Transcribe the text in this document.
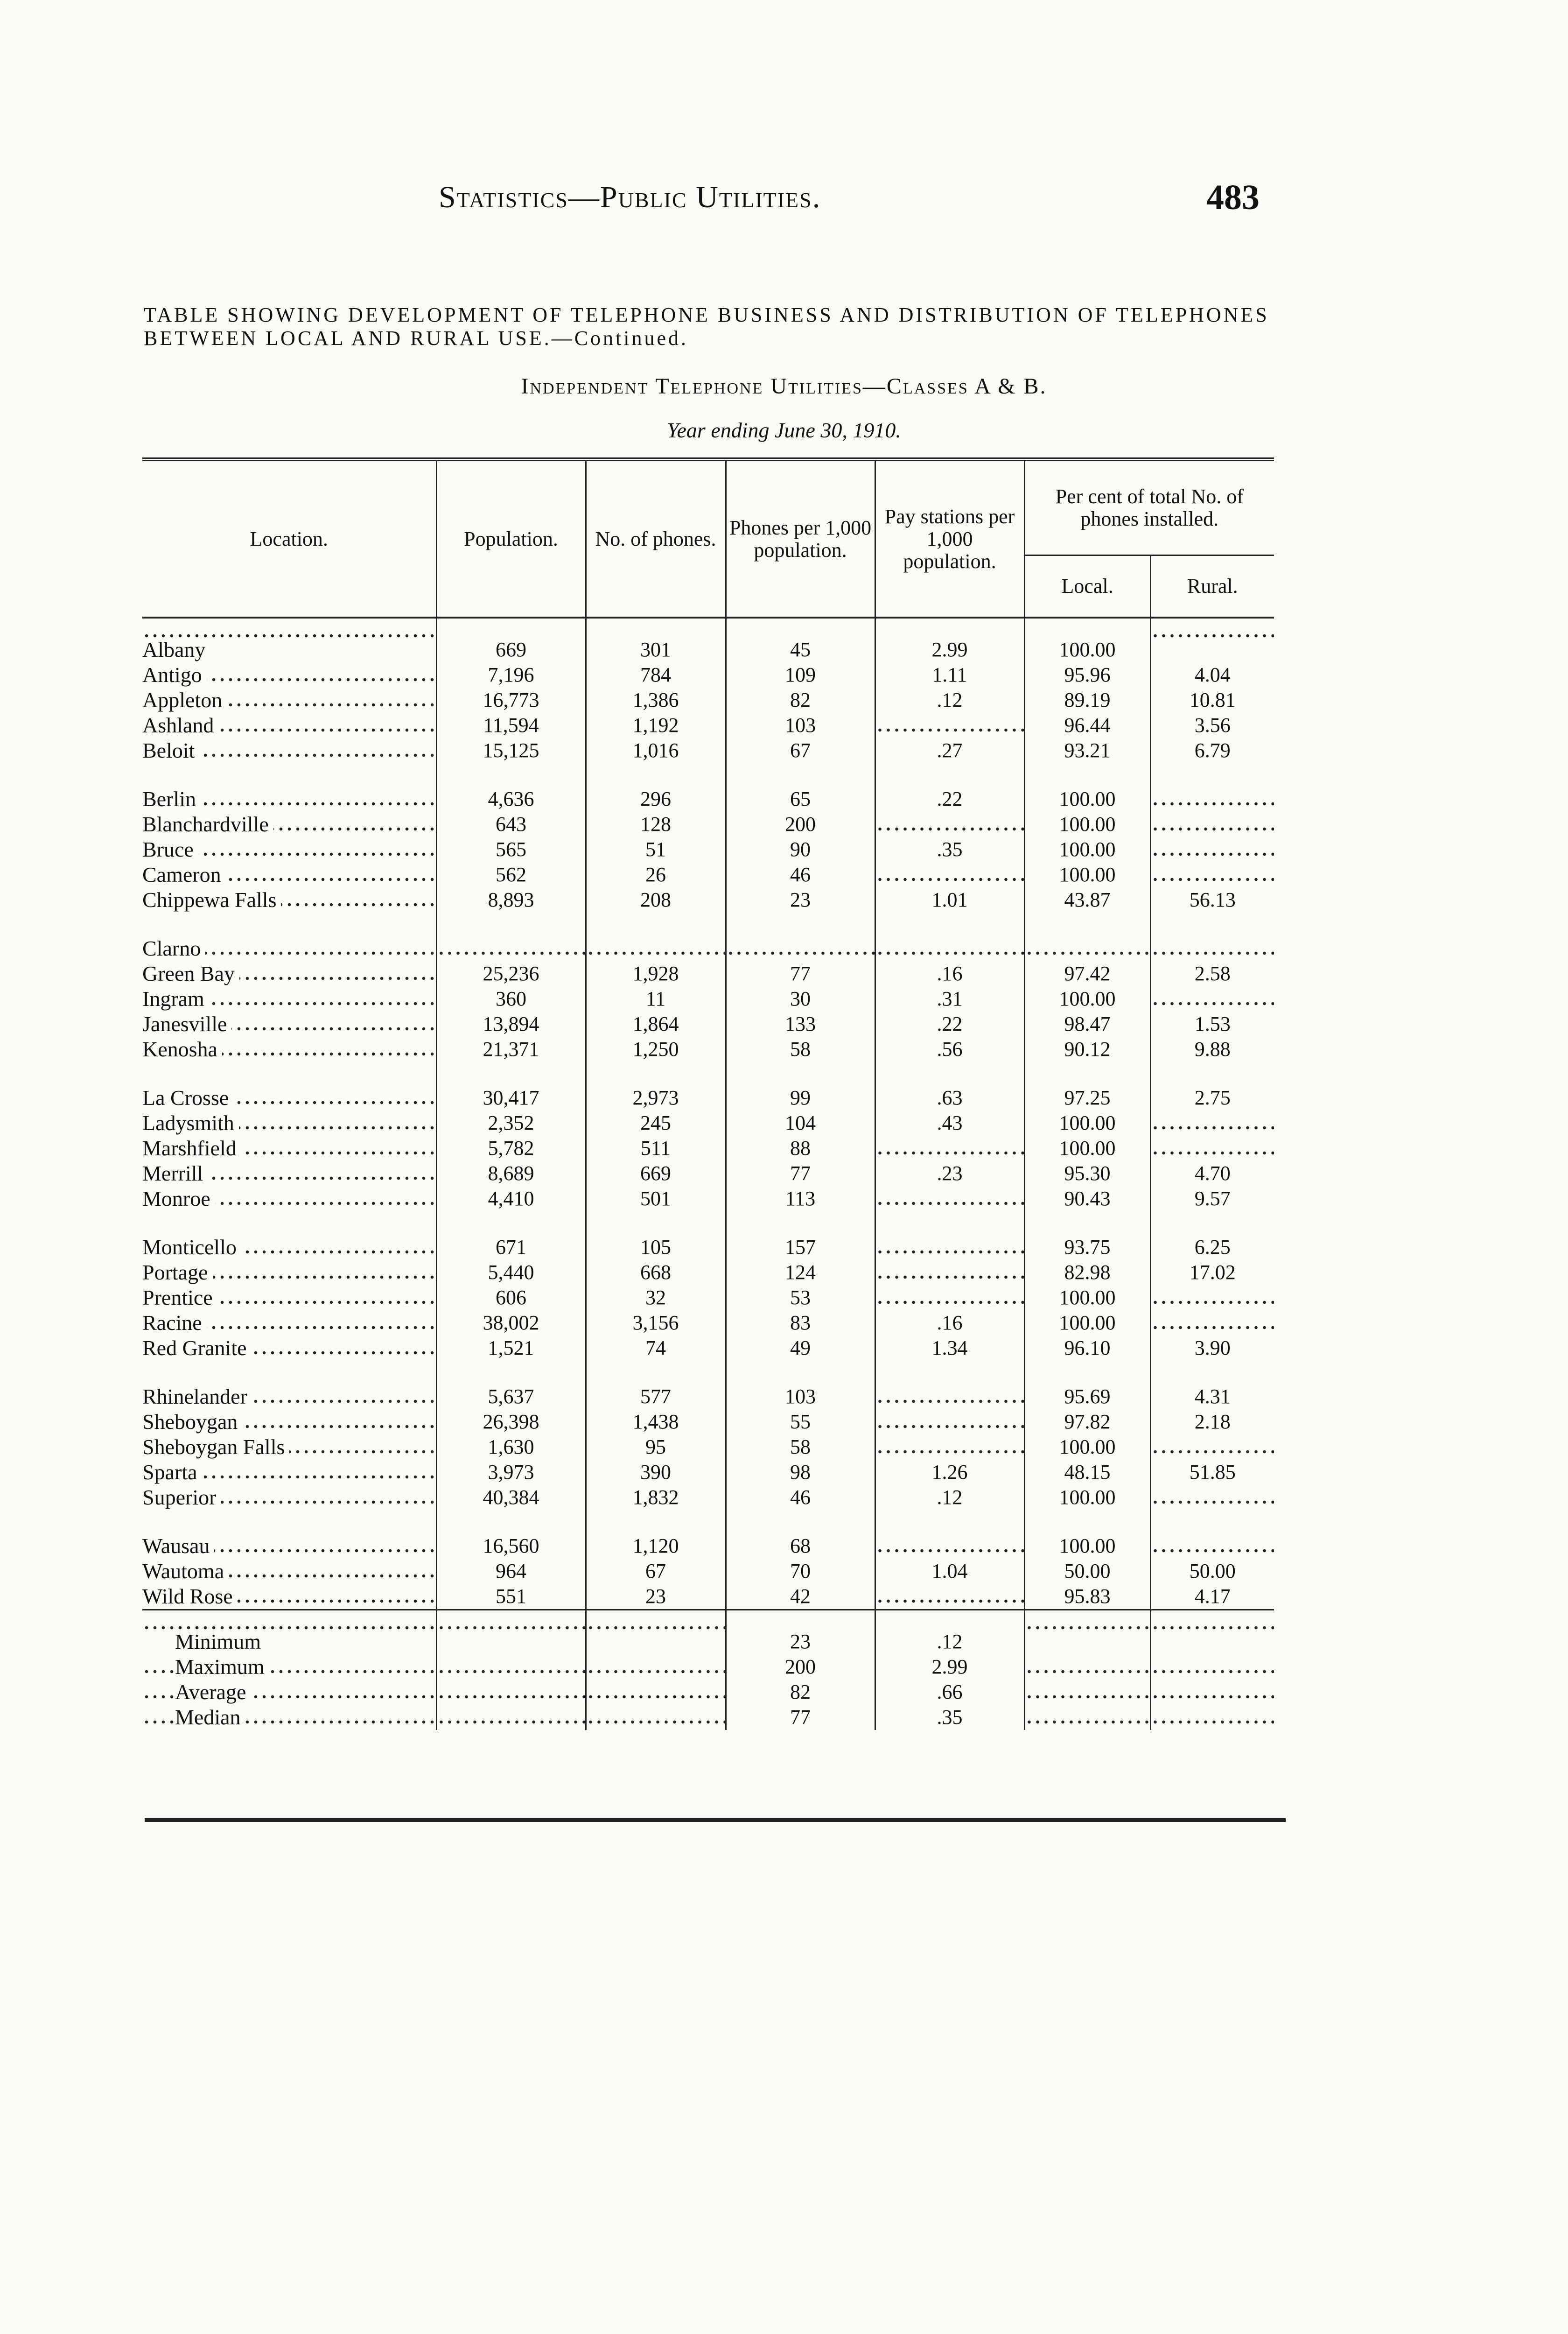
Statistics—Public Utilities.	483
TABLE SHOWING DEVELOPMENT OF TELEPHONE BUSINESS AND DISTRIBUTION OF TELEPHONES BETWEEN LOCAL AND RURAL USE.—Continued.
Independent Telephone Utilities—Classes A & B.
Year ending June 30, 1910.
Location.	Population.	No. of phones.	Phones per 1,000 population.	Pay stations per 1,000 population.	Per cent of total No. of phones installed.	
					Local.	Rural.
Albany	669	301	45	2.99	100.00	
Antigo	7,196	784	109	1.11	95.96	4.04
Appleton	16,773	1,386	82	.12	89.19	10.81
Ashland	11,594	1,192	103		96.44	3.56
Beloit	15,125	1,016	67	.27	93.21	6.79

Berlin	4,636	296	65	.22	100.00	
Blanchardville	643	128	200		100.00	
Bruce	565	51	90	.35	100.00	
Cameron	562	26	46		100.00	
Chippewa Falls	8,893	208	23	1.01	43.87	56.13

Clarno						
Green Bay	25,236	1,928	77	.16	97.42	2.58
Ingram	360	11	30	.31	100.00	
Janesville	13,894	1,864	133	.22	98.47	1.53
Kenosha	21,371	1,250	58	.56	90.12	9.88

La Crosse	30,417	2,973	99	.63	97.25	2.75
Ladysmith	2,352	245	104	.43	100.00	
Marshfield	5,782	511	88		100.00	
Merrill	8,689	669	77	.23	95.30	4.70
Monroe	4,410	501	113		90.43	9.57

Monticello	671	105	157		93.75	6.25
Portage	5,440	668	124		82.98	17.02
Prentice	606	32	53		100.00	
Racine	38,002	3,156	83	.16	100.00	
Red Granite	1,521	74	49	1.34	96.10	3.90

Rhinelander	5,637	577	103		95.69	4.31
Sheboygan	26,398	1,438	55		97.82	2.18
Sheboygan Falls	1,630	95	58		100.00	
Sparta	3,973	390	98	1.26	48.15	51.85
Superior	40,384	1,832	46	.12	100.00	

Wausau	16,560	1,120	68		100.00	
Wautoma	964	67	70	1.04	50.00	50.00
Wild Rose	551	23	42		95.83	4.17
Minimum			23	.12		
Maximum			200	2.99		
Average			82	.66		
Median			77	.35		
